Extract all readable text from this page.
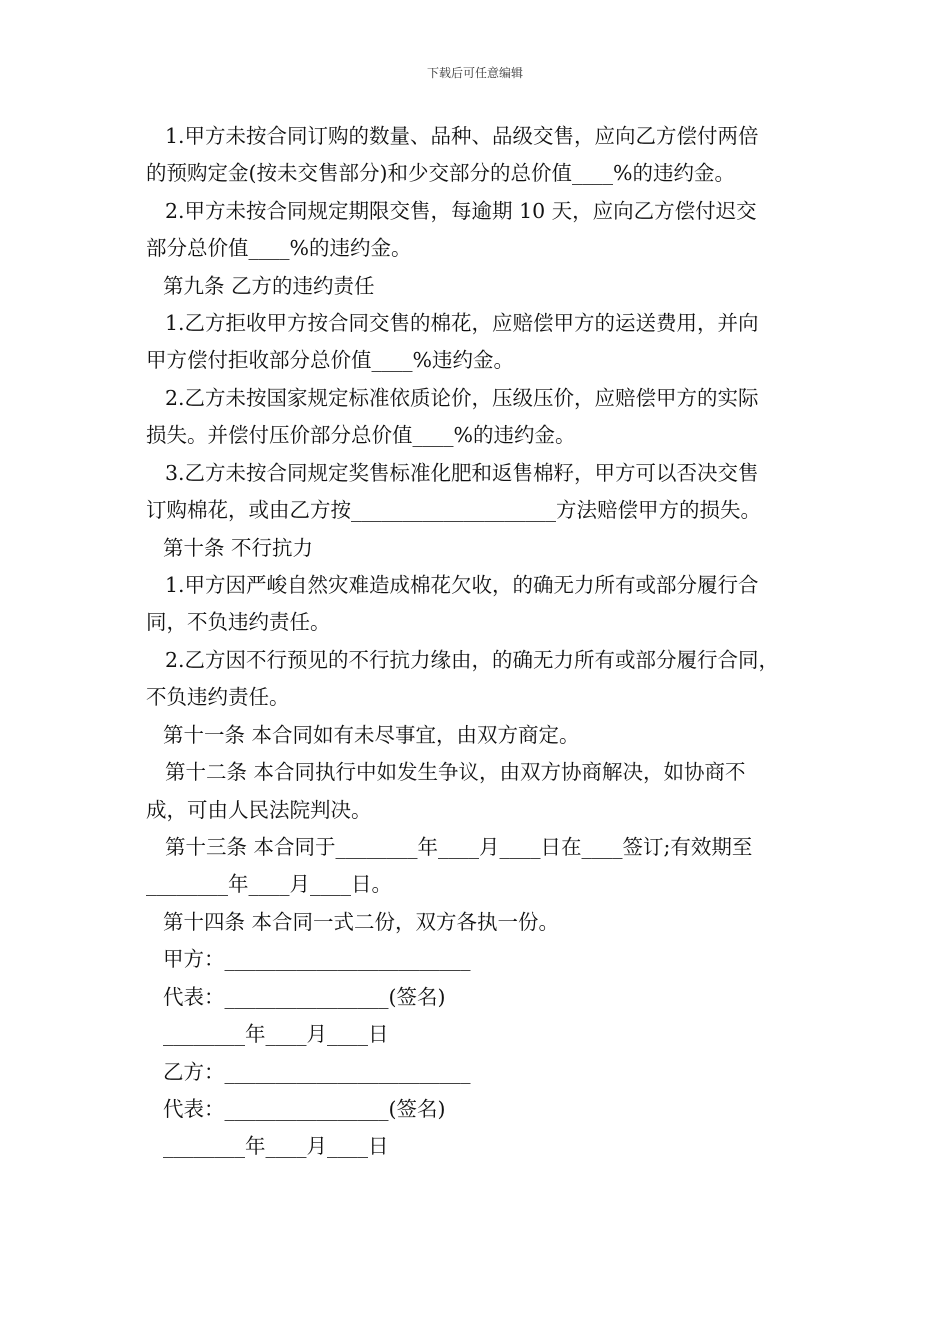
下载后可任意编辑
1.甲方未按合同订购的数量、品种、品级交售，应向乙方偿付两倍
的预购定金(按未交售部分)和少交部分的总价值____%的违约金。
2.甲方未按合同规定期限交售，每逾期 10 天，应向乙方偿付迟交
部分总价值____%的违约金。
第九条 乙方的违约责任
1.乙方拒收甲方按合同交售的棉花，应赔偿甲方的运送费用，并向
甲方偿付拒收部分总价值____%违约金。
2.乙方未按国家规定标准依质论价，压级压价，应赔偿甲方的实际
损失。并偿付压价部分总价值____%的违约金。
3.乙方未按合同规定奖售标准化肥和返售棉籽，甲方可以否决交售
订购棉花，或由乙方按____________________方法赔偿甲方的损失。
第十条 不行抗力
1.甲方因严峻自然灾难造成棉花欠收，的确无力所有或部分履行合
同，不负违约责任。
2.乙方因不行预见的不行抗力缘由，的确无力所有或部分履行合同，
不负违约责任。
第十一条 本合同如有未尽事宜，由双方商定。
第十二条 本合同执行中如发生争议，由双方协商解决，如协商不
成，可由人民法院判决。
第十三条 本合同于________年____月____日在____签订;有效期至
________年____月____日。
第十四条 本合同一式二份，双方各执一份。
甲方：________________________
代表：________________(签名)
________年____月____日
乙方：________________________
代表：________________(签名)
________年____月____日
